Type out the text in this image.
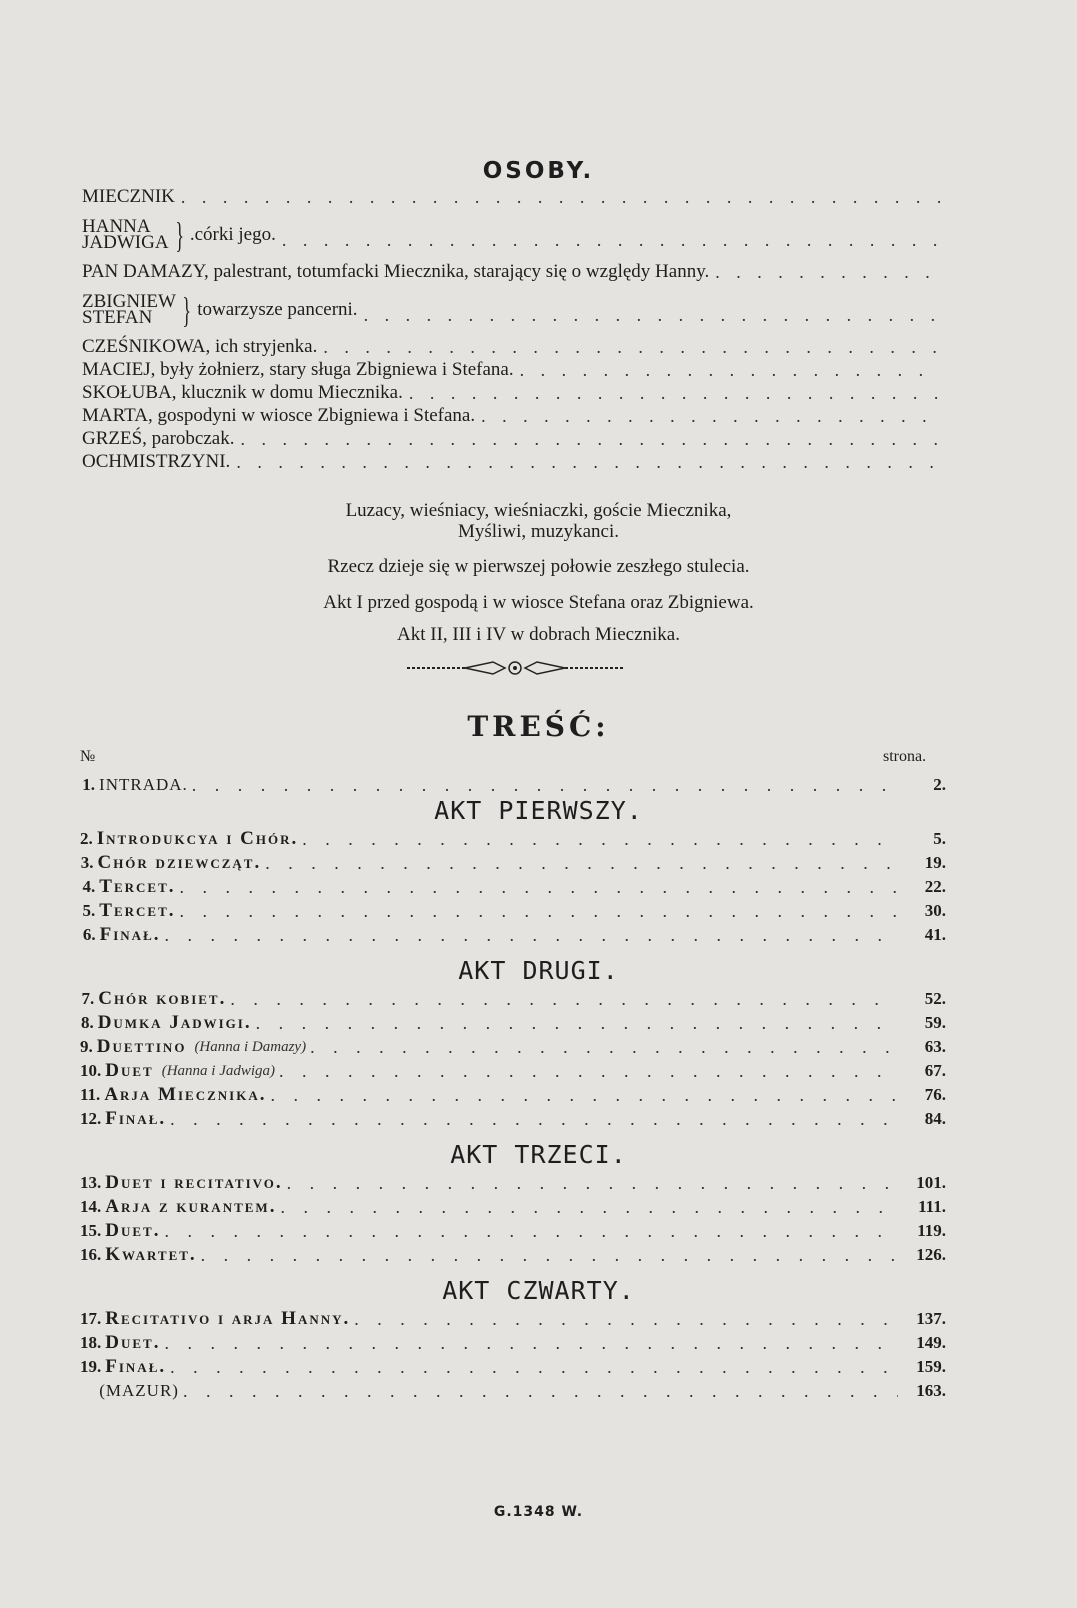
OSOBY.
MIECZNIK
. . .
HANNA
JADWIGA } .córki jego.
. . .
PAN DAMAZY, palestrant, totumfacki Miecznika, starający się o względy Hanny.
. . .
ZBIGNIEW
STEFAN } towarzysze pancerni.
. . .
CZEŚNIKOWA, ich stryjenka.
. . .
MACIEJ, były żołnierz, stary sługa Zbigniewa i Stefana.
. . .
SKOŁUBA, klucznik w domu Miecznika.
. . .
MARTA, gospodyni w wiosce Zbigniewa i Stefana.
. . .
GRZEŚ, parobczak.
. . .
OCHMISTRZYNI.
. . .
Luzacy, wieśniacy, wieśniaczki, goście Miecznika,
Myśliwi, muzykanci.
Rzecz dzieje się w pierwszej połowie zeszłego stulecia.
Akt I przed gospodą i w wiosce Stefana oraz Zbigniewa.
Akt II, III i IV w dobrach Miecznika.
TREŚĆ:
№	strona.
1. INTRADA. . . .	2.
AKT PIERWSZY.
2. Introdukcya i Chór. . . .	5.
3. Chór dziewcząt. . . .	19.
4. Tercet. . . .	22.
5. Tercet. . . .	30.
6. Finał. . . .	41.
AKT DRUGI.
7. Chór kobiet. . . .	52.
8. Dumka Jadwigi. . . .	59.
9. Duettino (Hanna i Damazy) . . .	63.
10. Duet (Hanna i Jadwiga) . . .	67.
11. Arja Miecznika. . . .	76.
12. Finał. . . .	84.
AKT TRZECI.
13. Duet i recitativo. . . .	101.
14. Arja z kurantem. . . .	111.
15. Duet. . . .	119.
16. Kwartet. . . .	126.
AKT CZWARTY.
17. Recitativo i arja Hanny. . . .	137.
18. Duet. . . .	149.
19. Finał. . . .	159.
(MAZUR) . . .	163.
G.1348 W.
